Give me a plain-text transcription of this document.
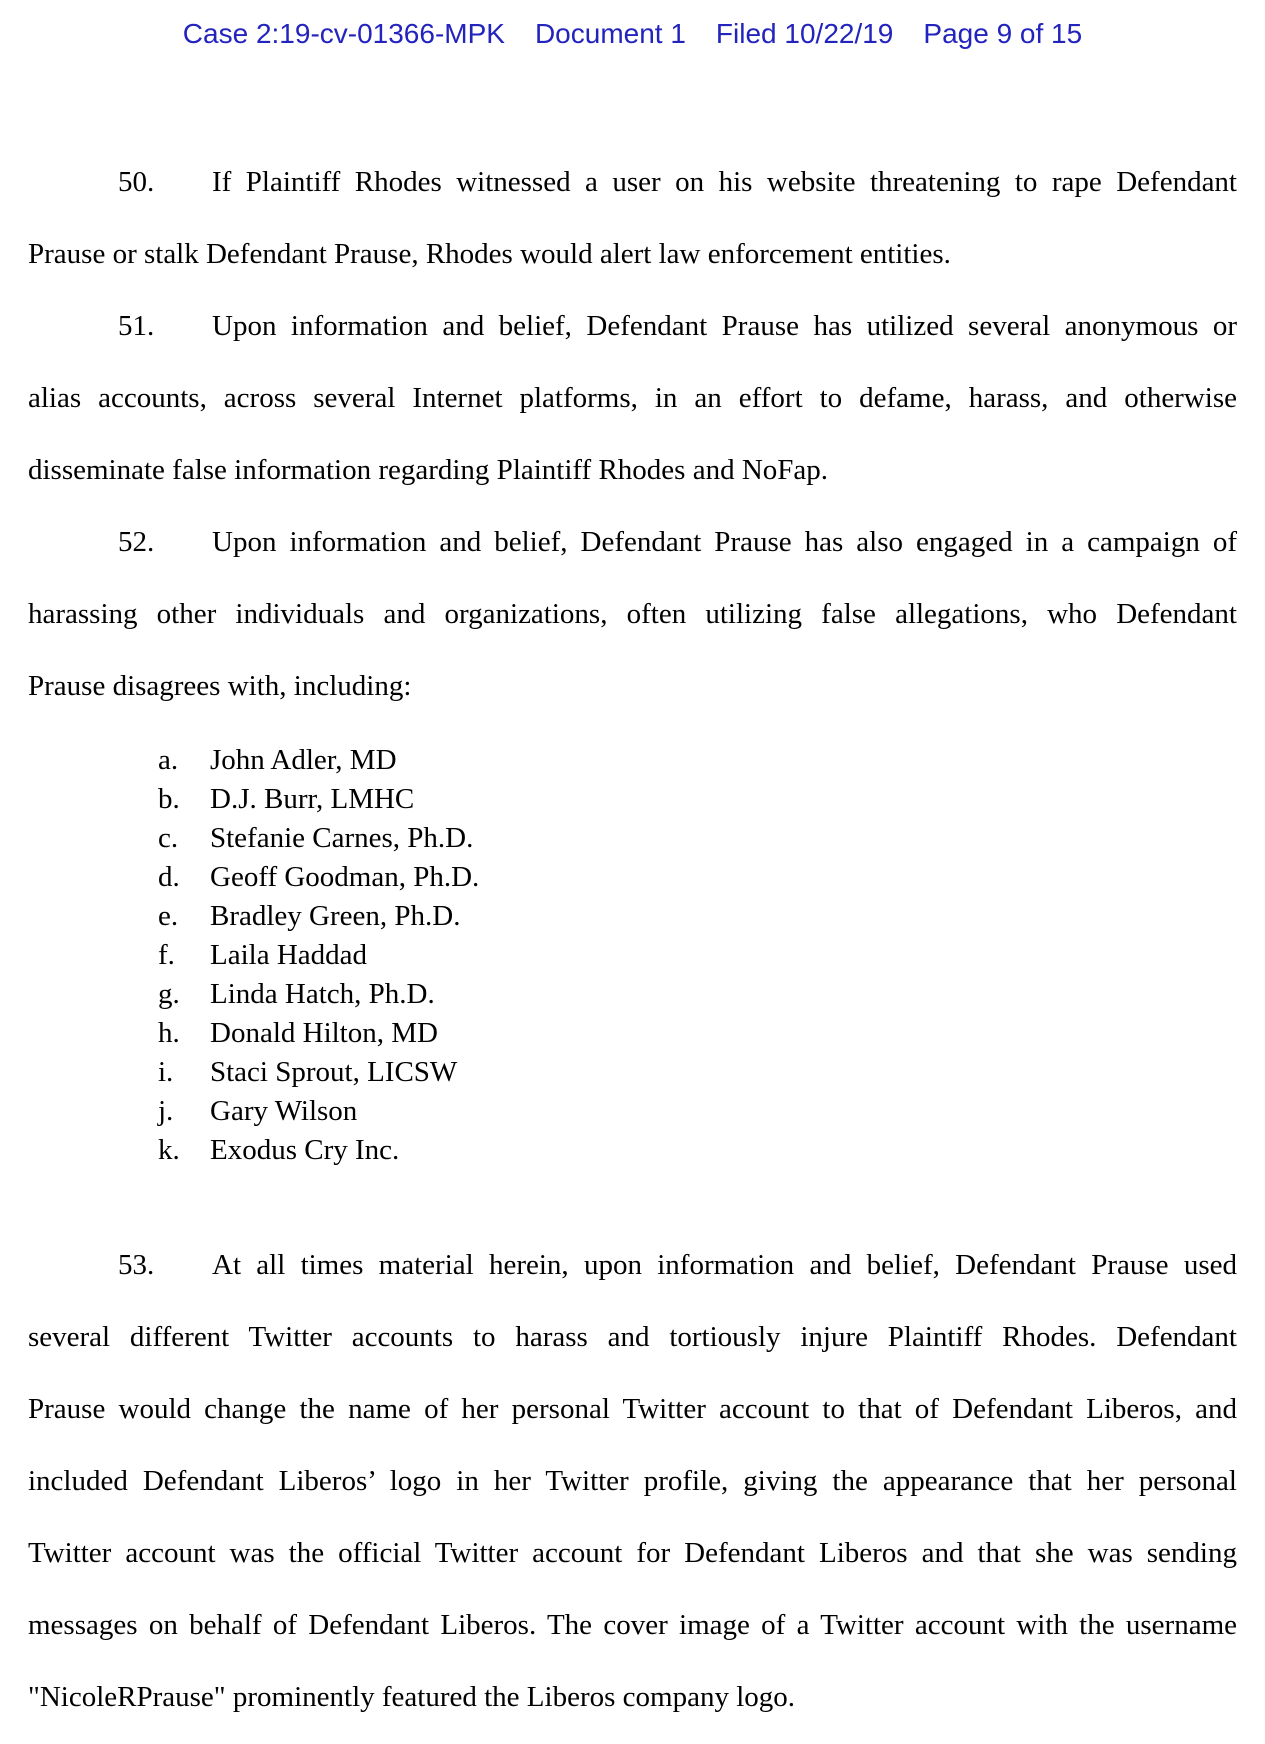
Case 2:19-cv-01366-MPK Document 1 Filed 10/22/19 Page 9 of 15
50. If Plaintiff Rhodes witnessed a user on his website threatening to rape Defendant
Prause or stalk Defendant Prause, Rhodes would alert law enforcement entities.
51. Upon information and belief, Defendant Prause has utilized several anonymous or
alias accounts, across several Internet platforms, in an effort to defame, harass, and otherwise
disseminate false information regarding Plaintiff Rhodes and NoFap.
52. Upon information and belief, Defendant Prause has also engaged in a campaign of
harassing other individuals and organizations, often utilizing false allegations, who Defendant
Prause disagrees with, including:
a. John Adler, MD
b. D.J. Burr, LMHC
c. Stefanie Carnes, Ph.D.
d. Geoff Goodman, Ph.D.
e. Bradley Green, Ph.D.
f. Laila Haddad
g. Linda Hatch, Ph.D.
h. Donald Hilton, MD
i. Staci Sprout, LICSW
j. Gary Wilson
k. Exodus Cry Inc.
53. At all times material herein, upon information and belief, Defendant Prause used
several different Twitter accounts to harass and tortiously injure Plaintiff Rhodes. Defendant
Prause would change the name of her personal Twitter account to that of Defendant Liberos, and
included Defendant Liberos’ logo in her Twitter profile, giving the appearance that her personal
Twitter account was the official Twitter account for Defendant Liberos and that she was sending
messages on behalf of Defendant Liberos. The cover image of a Twitter account with the username
"NicoleRPrause" prominently featured the Liberos company logo.
